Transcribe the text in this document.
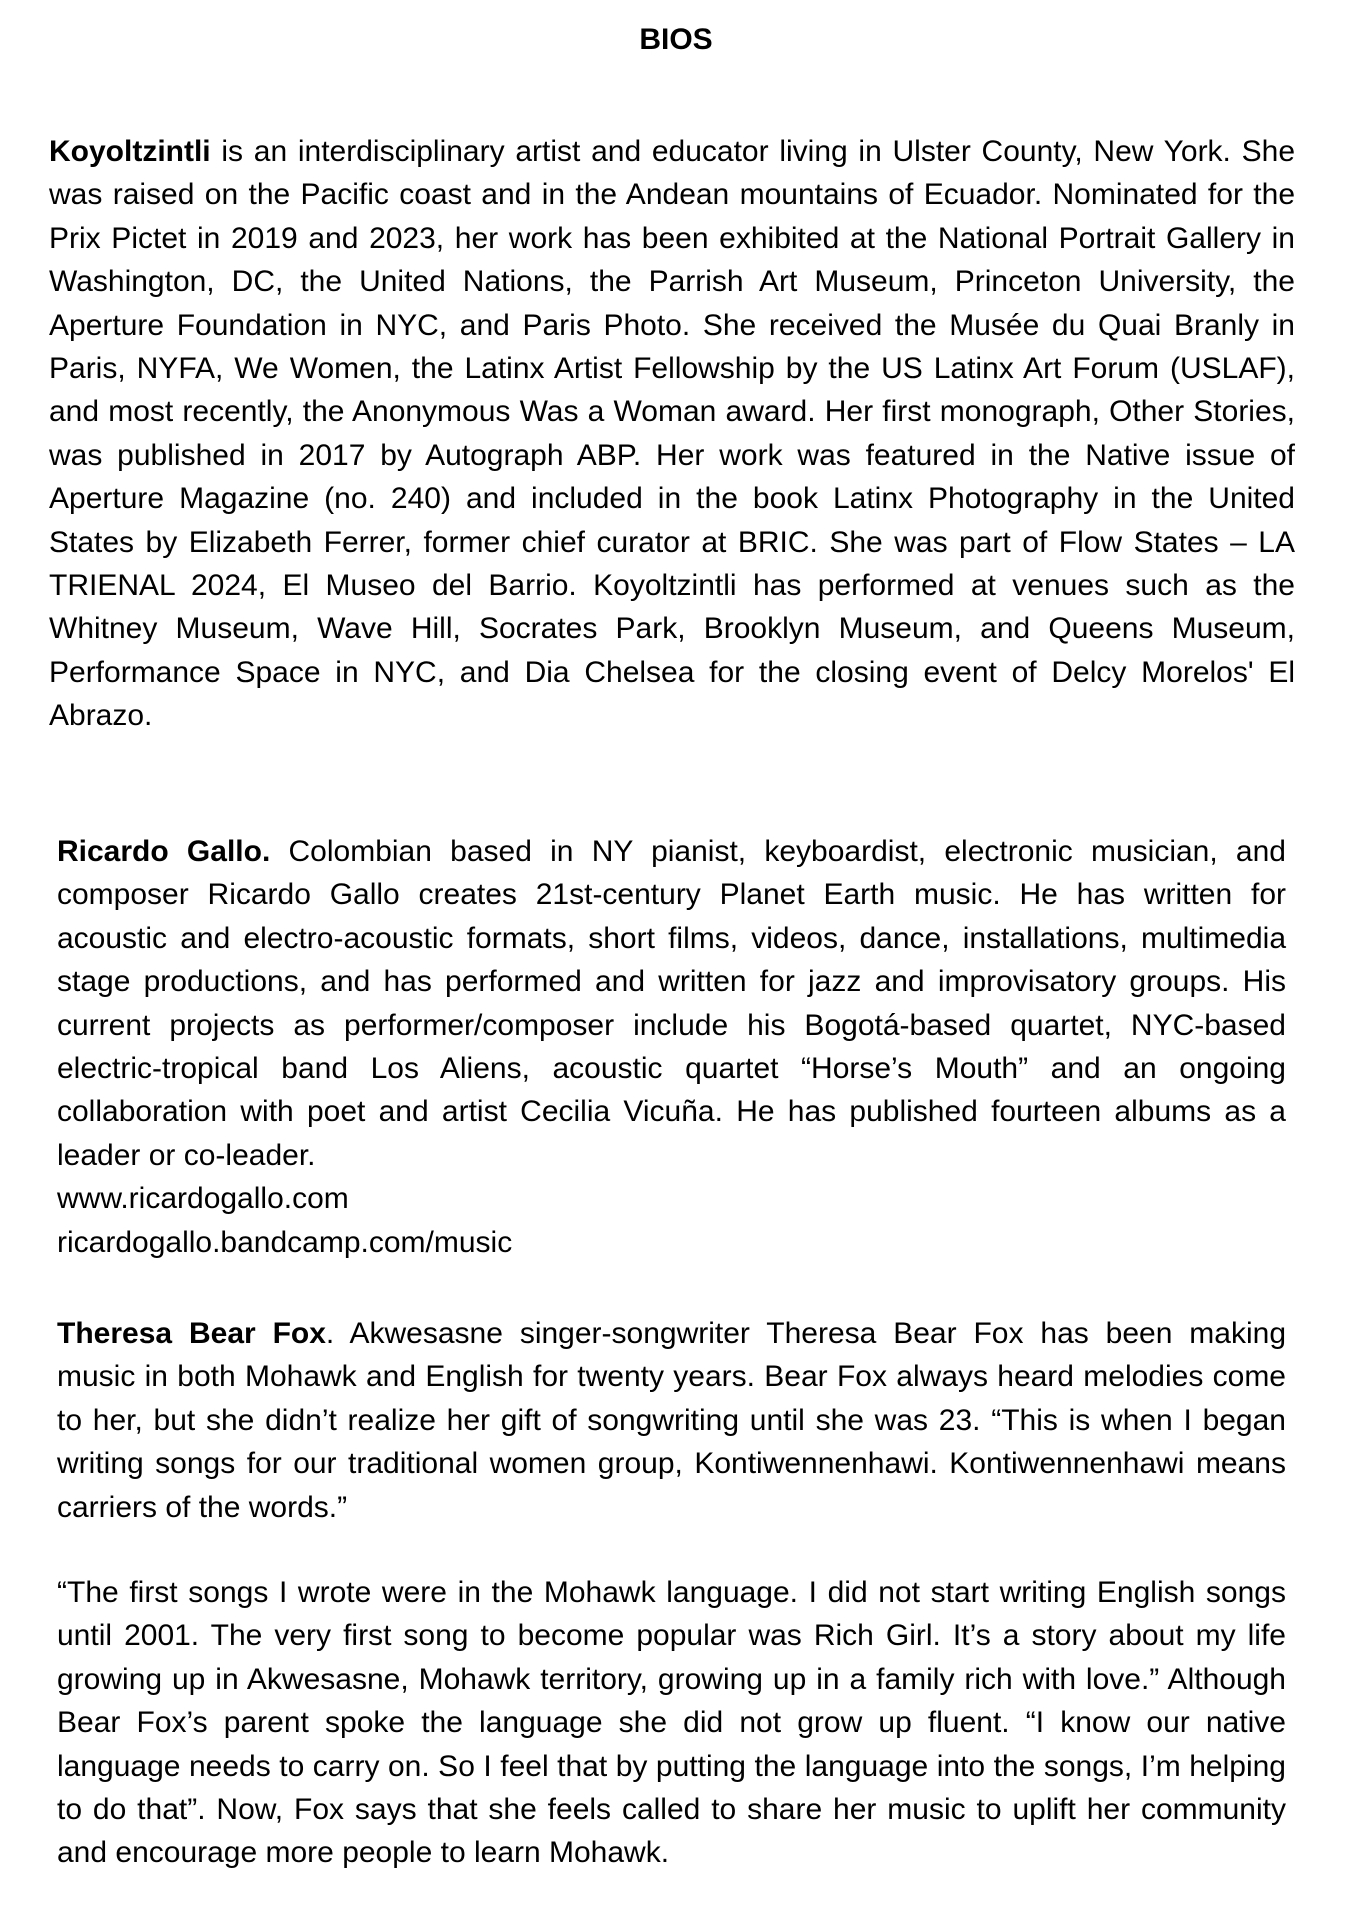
BIOS

Koyoltzintli is an interdisciplinary artist and educator living in Ulster County, New York. She was raised on the Pacific coast and in the Andean mountains of Ecuador. Nominated for the Prix Pictet in 2019 and 2023, her work has been exhibited at the National Portrait Gallery in Washington, DC, the United Nations, the Parrish Art Museum, Princeton University, the Aperture Foundation in NYC, and Paris Photo. She received the Musée du Quai Branly in Paris, NYFA, We Women, the Latinx Artist Fellowship by the US Latinx Art Forum (USLAF), and most recently, the Anonymous Was a Woman award. Her first monograph, Other Stories, was published in 2017 by Autograph ABP. Her work was featured in the Native issue of Aperture Magazine (no. 240) and included in the book Latinx Photography in the United States by Elizabeth Ferrer, former chief curator at BRIC. She was part of Flow States – LA TRIENAL 2024, El Museo del Barrio. Koyoltzintli has performed at venues such as the Whitney Museum, Wave Hill, Socrates Park, Brooklyn Museum, and Queens Museum, Performance Space in NYC, and Dia Chelsea for the closing event of Delcy Morelos' El Abrazo.

Ricardo Gallo. Colombian based in NY pianist, keyboardist, electronic musician, and composer Ricardo Gallo creates 21st-century Planet Earth music. He has written for acoustic and electro-acoustic formats, short films, videos, dance, installations, multimedia stage productions, and has performed and written for jazz and improvisatory groups. His current projects as performer/composer include his Bogotá-based quartet, NYC-based electric-tropical band Los Aliens, acoustic quartet “Horse’s Mouth” and an ongoing collaboration with poet and artist Cecilia Vicuña. He has published fourteen albums as a leader or co-leader.
www.ricardogallo.com
ricardogallo.bandcamp.com/music

Theresa Bear Fox. Akwesasne singer-songwriter Theresa Bear Fox has been making music in both Mohawk and English for twenty years. Bear Fox always heard melodies come to her, but she didn’t realize her gift of songwriting until she was 23. “This is when I began writing songs for our traditional women group, Kontiwennenhawi. Kontiwennenhawi means carriers of the words.”

“The first songs I wrote were in the Mohawk language. I did not start writing English songs until 2001. The very first song to become popular was Rich Girl. It’s a story about my life growing up in Akwesasne, Mohawk territory, growing up in a family rich with love.” Although Bear Fox’s parent spoke the language she did not grow up fluent. “I know our native language needs to carry on. So I feel that by putting the language into the songs, I’m helping to do that”. Now, Fox says that she feels called to share her music to uplift her community and encourage more people to learn Mohawk.
